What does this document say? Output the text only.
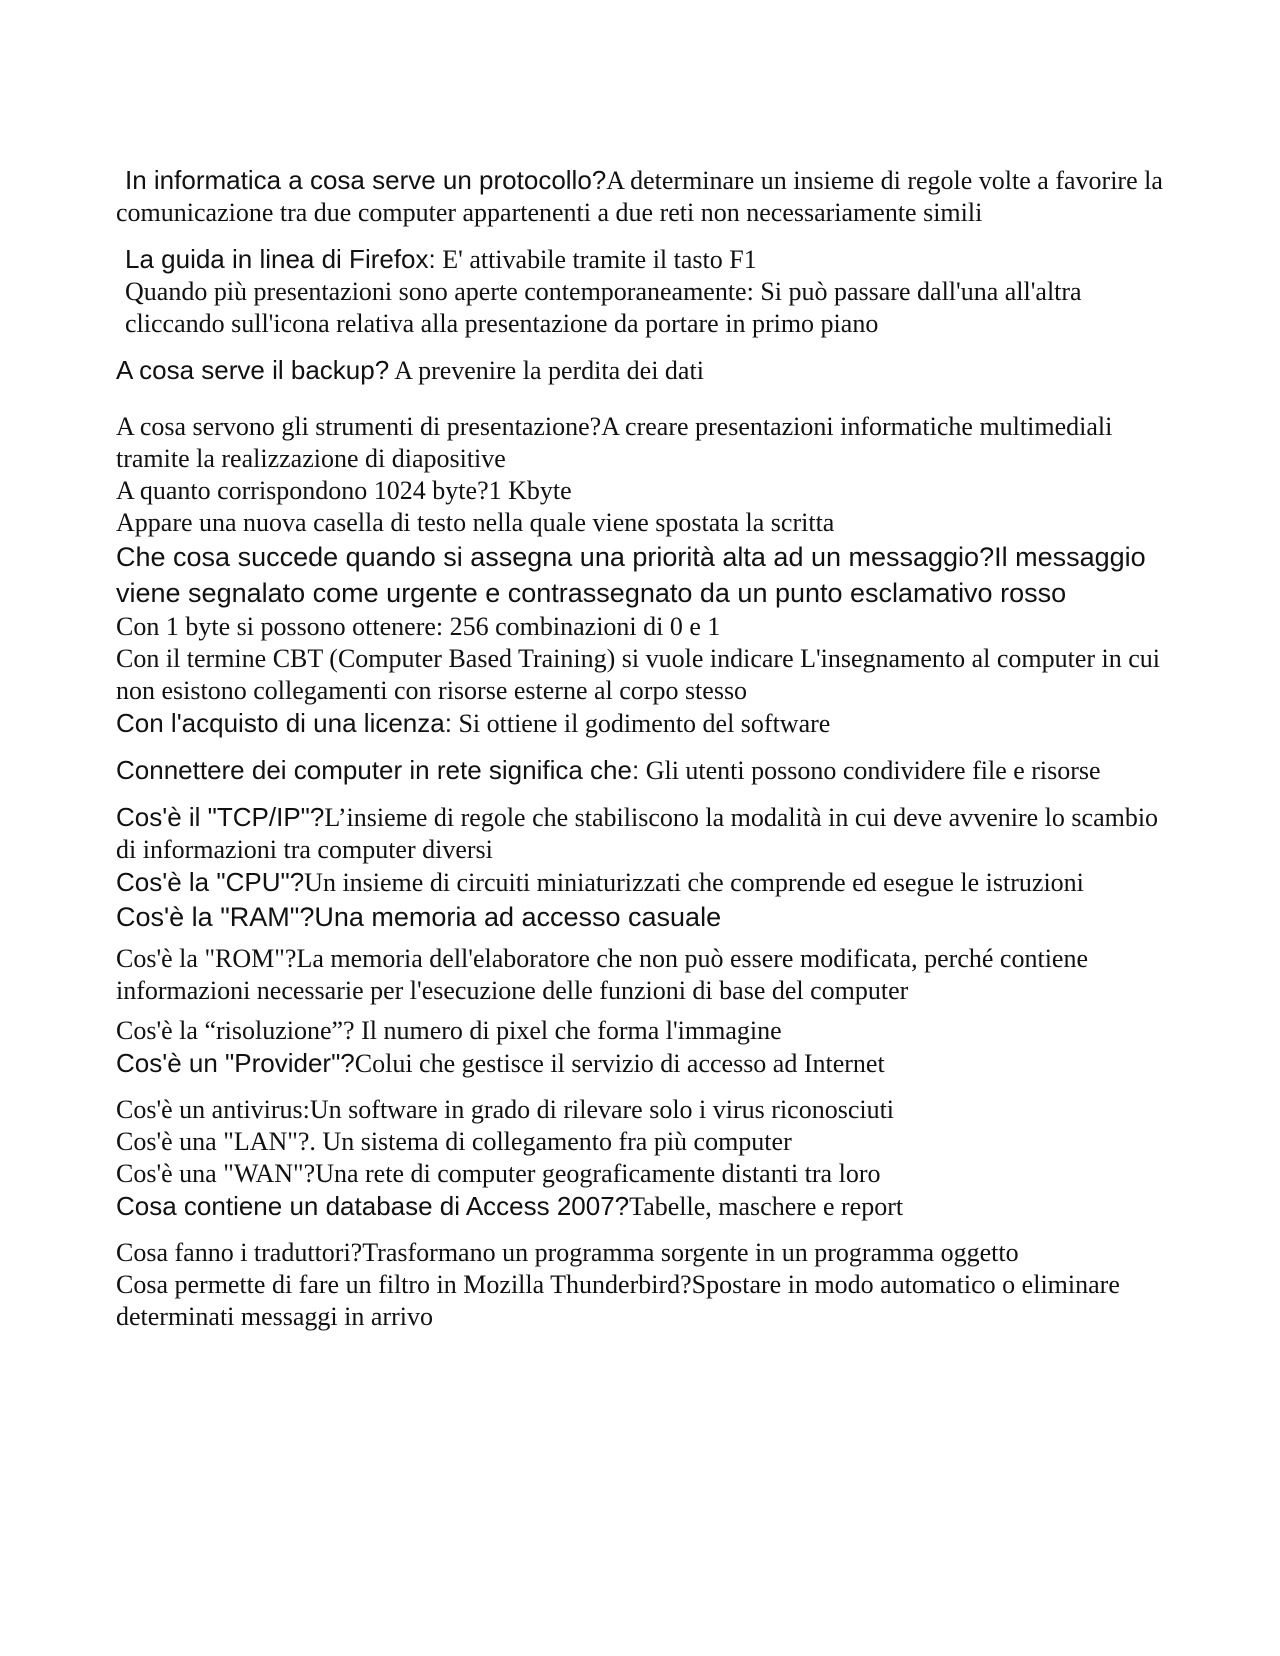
In informatica a cosa serve un protocollo?A determinare un insieme di regole volte a favorire la comunicazione tra due computer appartenenti a due reti non necessariamente simili

La guida in linea di Firefox: E' attivabile tramite il tasto F1

Quando più presentazioni sono aperte contemporaneamente: Si può passare dall'una all'altra cliccando sull'icona relativa alla presentazione da portare in primo piano

A cosa serve il backup? A prevenire la perdita dei dati

A cosa servono gli strumenti di presentazione?A creare presentazioni informatiche multimediali tramite la realizzazione di diapositive

A quanto corrispondono 1024 byte?1 Kbyte

Appare una nuova casella di testo nella quale viene spostata la scritta

Che cosa succede quando si assegna una priorità alta ad un messaggio?Il messaggio viene segnalato come urgente e contrassegnato da un punto esclamativo rosso

Con 1 byte si possono ottenere: 256 combinazioni di 0 e 1

Con il termine CBT (Computer Based Training) si vuole indicare L'insegnamento al computer in cui non esistono collegamenti con risorse esterne al corpo stesso

Con l'acquisto di una licenza: Si ottiene il godimento del software

Connettere dei computer in rete significa che: Gli utenti possono condividere file e risorse

Cos'è il "TCP/IP"?L’insieme di regole che stabiliscono la modalità in cui deve avvenire lo scambio di informazioni tra computer diversi

Cos'è la "CPU"?Un insieme di circuiti miniaturizzati che comprende ed esegue le istruzioni

Cos'è la "RAM"?Una memoria ad accesso casuale

Cos'è la "ROM"?La memoria dell'elaboratore che non può essere modificata, perché contiene informazioni necessarie per l'esecuzione delle funzioni di base del computer

Cos'è la “risoluzione”? Il numero di pixel che forma l'immagine

Cos'è un "Provider"?Colui che gestisce il servizio di accesso ad Internet

Cos'è un antivirus:Un software in grado di rilevare solo i virus riconosciuti

Cos'è una "LAN"?. Un sistema di collegamento fra più computer

Cos'è una "WAN"?Una rete di computer geograficamente distanti tra loro

Cosa contiene un database di Access 2007?Tabelle, maschere e report

Cosa fanno i traduttori?Trasformano un programma sorgente in un programma oggetto

Cosa permette di fare un filtro in Mozilla Thunderbird?Spostare in modo automatico o eliminare determinati messaggi in arrivo
